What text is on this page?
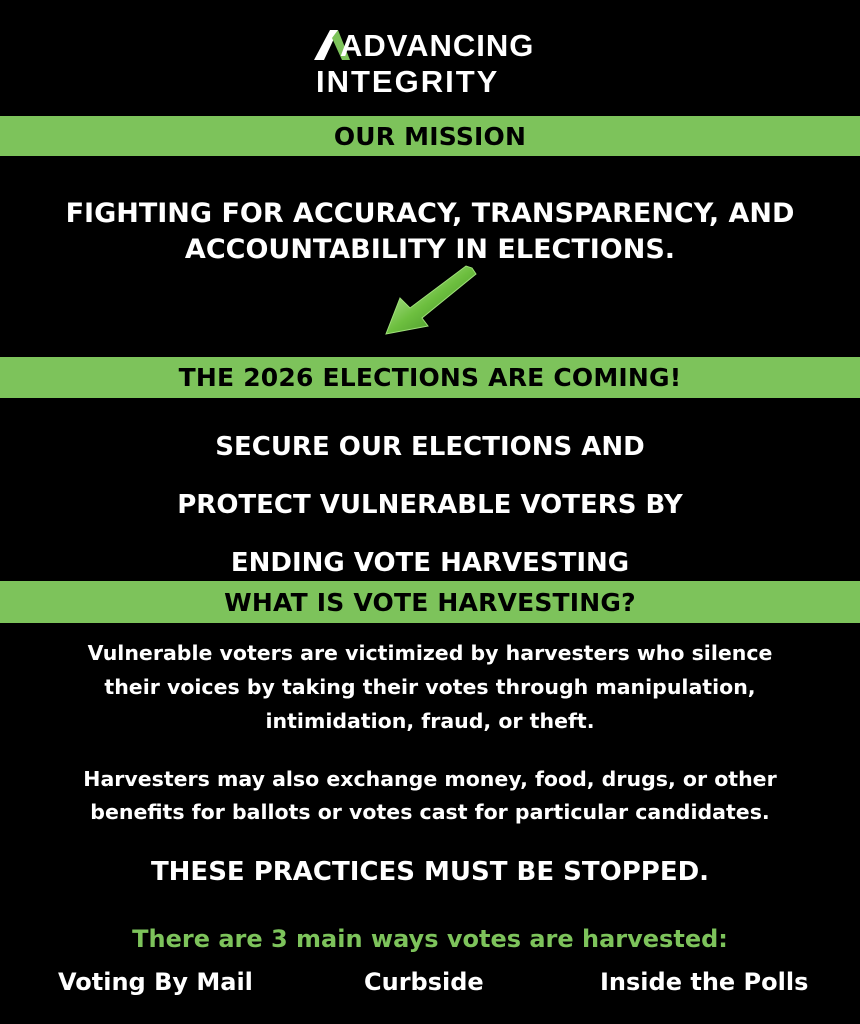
ADVANCING
INTEGRITY
OUR MISSION
FIGHTING FOR ACCURACY, TRANSPARENCY, AND
ACCOUNTABILITY IN ELECTIONS.
THE 2026 ELECTIONS ARE COMING!
SECURE OUR ELECTIONS AND
PROTECT VULNERABLE VOTERS BY
ENDING VOTE HARVESTING
WHAT IS VOTE HARVESTING?
Vulnerable voters are victimized by harvesters who silence
their voices by taking their votes through manipulation,
intimidation, fraud, or theft.
Harvesters may also exchange money, food, drugs, or other
benefits for ballots or votes cast for particular candidates.
THESE PRACTICES MUST BE STOPPED.
There are 3 main ways votes are harvested:
Voting By Mail	Curbside	Inside the Polls
